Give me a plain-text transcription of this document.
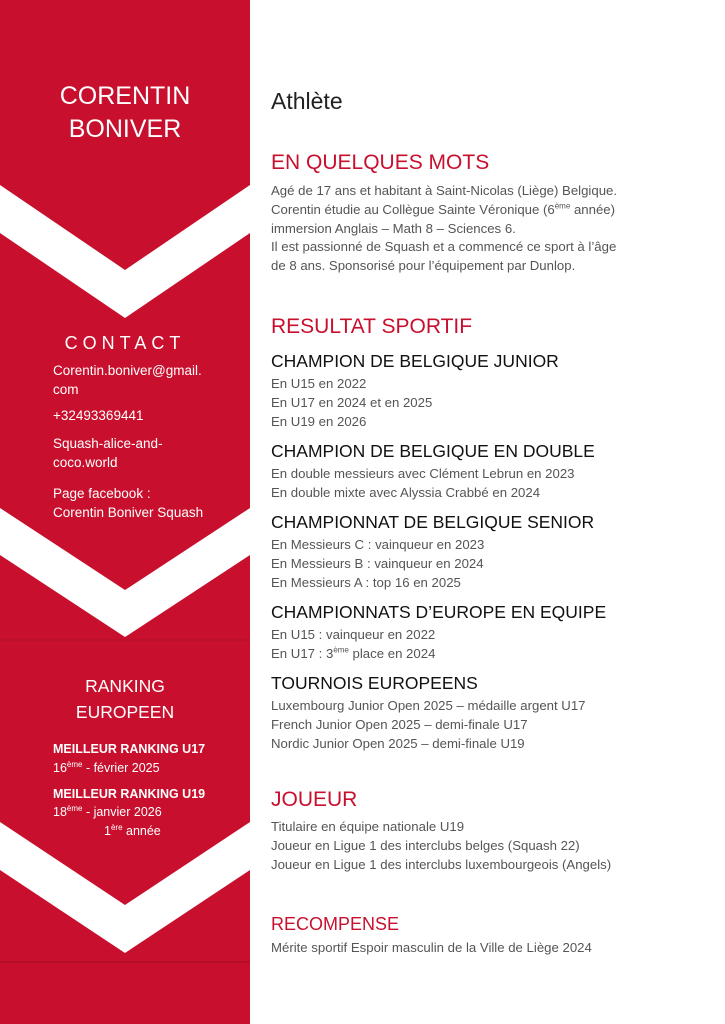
CORENTIN
BONIVER
CONTACT
Corentin.boniver@gmail.
com
+32493369441
Squash-alice-and-
coco.world
Page facebook :
Corentin Boniver Squash
RANKING
EUROPEEN
MEILLEUR RANKING U17
16ème - février 2025
MEILLEUR RANKING U19
18ème - janvier 2026
1ère année
Athlète
EN QUELQUES MOTS
Agé de 17 ans et habitant à Saint-Nicolas (Liège) Belgique.
Corentin étudie au Collègue Sainte Véronique (6ème année)
immersion Anglais – Math 8 – Sciences 6.
Il est passionné de Squash et a commencé ce sport à l’âge
de 8 ans. Sponsorisé pour l’équipement par Dunlop.
RESULTAT SPORTIF
CHAMPION DE BELGIQUE JUNIOR
En U15 en 2022
En U17 en 2024 et en 2025
En U19 en 2026
CHAMPION DE BELGIQUE EN DOUBLE
En double messieurs avec Clément Lebrun en 2023
En double mixte avec Alyssia Crabbé en 2024
CHAMPIONNAT DE BELGIQUE SENIOR
En Messieurs C : vainqueur en 2023
En Messieurs B : vainqueur en 2024
En Messieurs A : top 16 en 2025
CHAMPIONNATS D’EUROPE EN EQUIPE
En U15 : vainqueur en 2022
En U17 : 3ème place en 2024
TOURNOIS EUROPEENS
Luxembourg Junior Open 2025 – médaille argent U17
French Junior Open 2025 – demi-finale U17
Nordic Junior Open 2025 – demi-finale U19
JOUEUR
Titulaire en équipe nationale U19
Joueur en Ligue 1 des interclubs belges (Squash 22)
Joueur en Ligue 1 des interclubs luxembourgeois (Angels)
RECOMPENSE
Mérite sportif Espoir masculin de la Ville de Liège 2024
